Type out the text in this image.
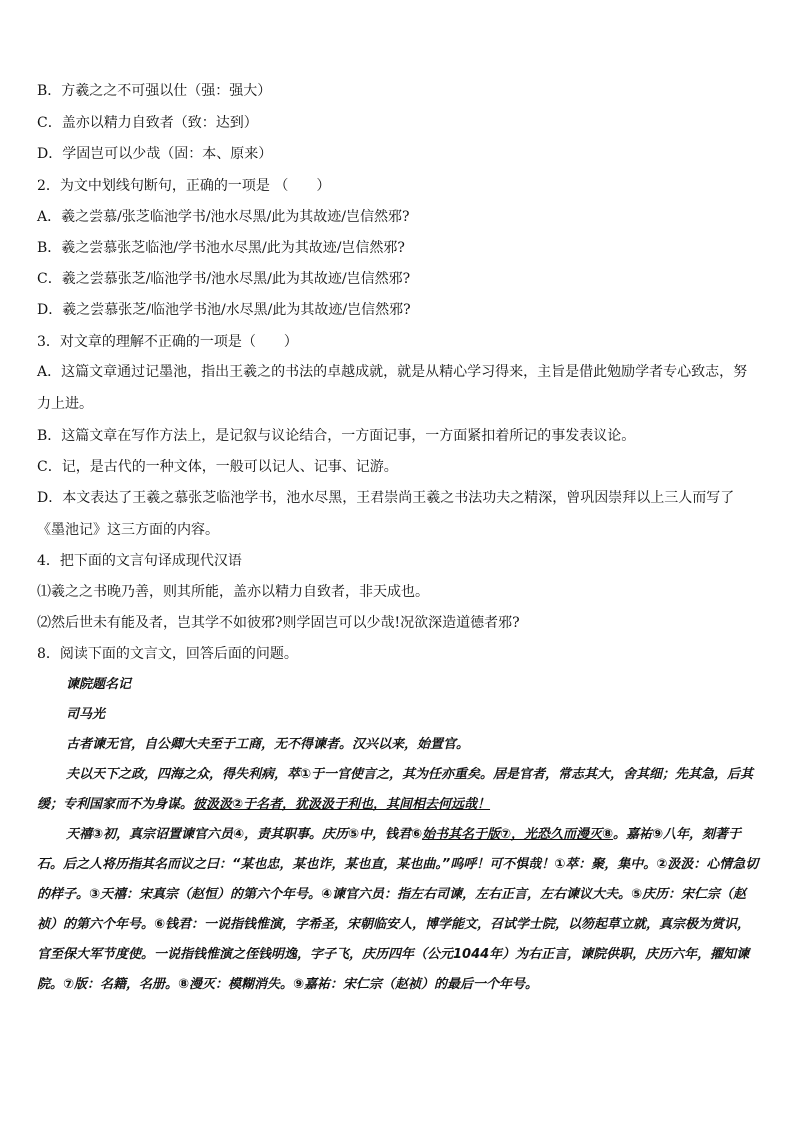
B．方羲之之不可强以仕（强：强大）
C．盖亦以精力自致者（致：达到）
D．学固岂可以少哉（固：本、原来）
2．为文中划线句断句，正确的一项是 （　　）
A．羲之尝慕/张芝临池学书/池水尽黑/此为其故迹/岂信然邪?
B．羲之尝慕张芝临池/学书池水尽黑/此为其故迹/岂信然邪?
C．羲之尝慕张芝/临池学书/池水尽黑/此为其故迹/岂信然邪?
D．羲之尝慕张芝/临池学书池/水尽黑/此为其故迹/岂信然邪?
3．对文章的理解不正确的一项是（　　）
A．这篇文章通过记墨池，指出王羲之的书法的卓越成就，就是从精心学习得来，主旨是借此勉励学者专心致志，努力上进。
B．这篇文章在写作方法上，是记叙与议论结合，一方面记事，一方面紧扣着所记的事发表议论。
C．记，是古代的一种文体，一般可以记人、记事、记游。
D．本文表达了王羲之慕张芝临池学书，池水尽黑，王君崇尚王羲之书法功夫之精深，曾巩因崇拜以上三人而写了《墨池记》这三方面的内容。
4．把下面的文言句译成现代汉语
⑴羲之之书晚乃善，则其所能，盖亦以精力自致者，非天成也。
⑵然后世未有能及者，岂其学不如彼邪?则学固岂可以少哉!况欲深造道德者邪?
8．阅读下面的文言文，回答后面的问题。

谏院题名记

司马光

古者谏无官，自公卿大夫至于工商，无不得谏者。汉兴以来，始置官。

夫以天下之政，四海之众，得失利病，萃①于一官使言之，其为任亦重矣。居是官者，常志其大，舍其细；先其急，后其缓；专利国家而不为身谋。彼汲汲②于名者，犹汲汲于利也，其间相去何远哉！

天禧③初，真宗诏置谏官六员④，责其职事。庆历⑤中，钱君⑥始书其名于版⑦，光恐久而漫灭⑧。嘉祐⑨八年，刻著于石。后之人将历指其名而议之曰：“某也忠，某也诈，某也直，某也曲。”呜呼！可不惧哉！①萃：聚，集中。②汲汲：心情急切的样子。③天禧：宋真宗（赵恒）的第六个年号。④谏官六员：指左右司谏，左右正言，左右谏议大夫。⑤庆历：宋仁宗（赵祯）的第六个年号。⑥钱君：一说指钱惟演，字希圣，宋朝临安人，博学能文，召试学士院，以笏起草立就，真宗极为赏识，官至保大军节度使。一说指钱惟演之侄钱明逸，字子飞，庆历四年（公元1044年）为右正言，谏院供职，庆历六年，擢知谏院。⑦版：名籍，名册。⑧漫灭：模糊消失。⑨嘉祐：宋仁宗（赵祯）的最后一个年号。
